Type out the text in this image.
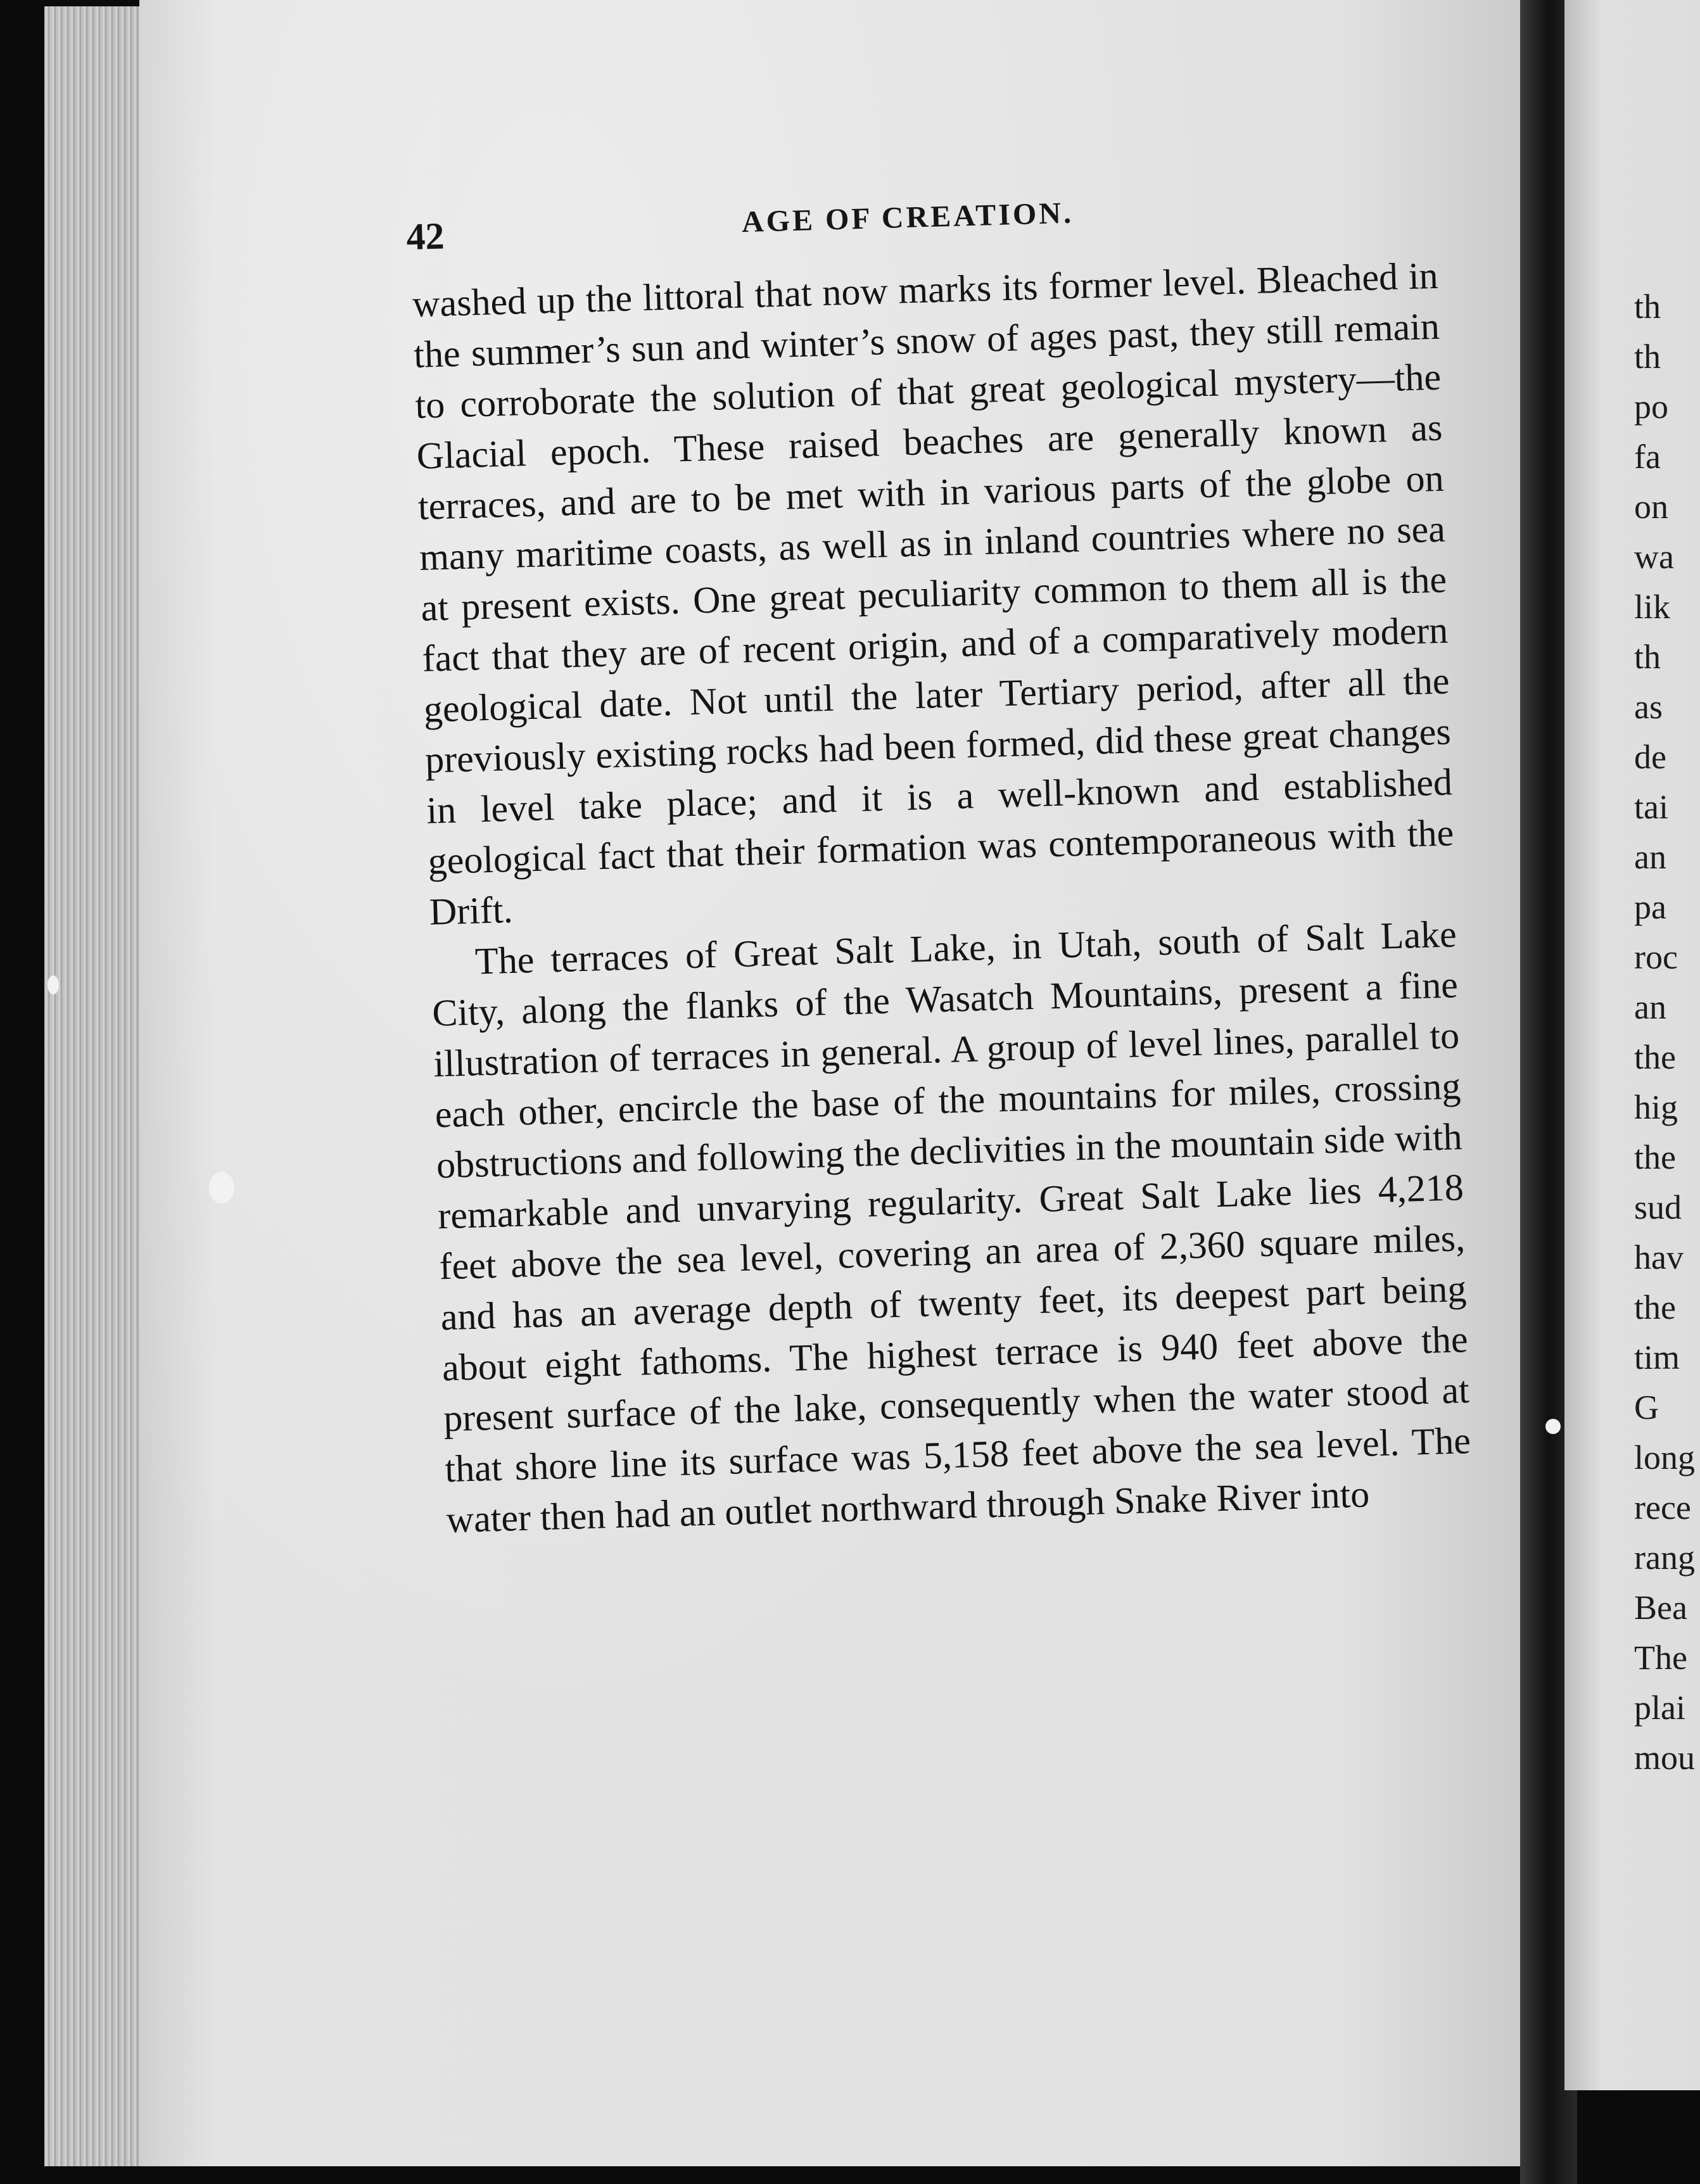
th
th
po
fa
on
wa
lik
th
as
de
tai
an
pa
roc
an
the
hig
the
sud
hav
the
tim
G
long
rece
rang
Bea
The
plai
mou
42	AGE OF CREATION.

washed up the littoral that now marks its former level. Bleached in the summer’s sun and winter’s snow of ages past, they still remain to corroborate the solution of that great geological mystery—the Glacial epoch. These raised beaches are generally known as terraces, and are to be met with in various parts of the globe on many maritime coasts, as well as in inland countries where no sea at present exists. One great peculiarity common to them all is the fact that they are of recent origin, and of a comparatively modern geological date. Not until the later Tertiary period, after all the previously existing rocks had been formed, did these great changes in level take place; and it is a well-known and established geological fact that their formation was contemporaneous with the Drift.

The terraces of Great Salt Lake, in Utah, south of Salt Lake City, along the flanks of the Wasatch Mountains, present a fine illustration of terraces in general. A group of level lines, parallel to each other, encircle the base of the mountains for miles, crossing obstructions and following the declivities in the mountain side with remarkable and unvarying regularity. Great Salt Lake lies 4,218 feet above the sea level, covering an area of 2,360 square miles, and has an average depth of twenty feet, its deepest part being about eight fathoms. The highest terrace is 940 feet above the present surface of the lake, consequently when the water stood at that shore line its surface was 5,158 feet above the sea level. The water then had an outlet northward through Snake River into
